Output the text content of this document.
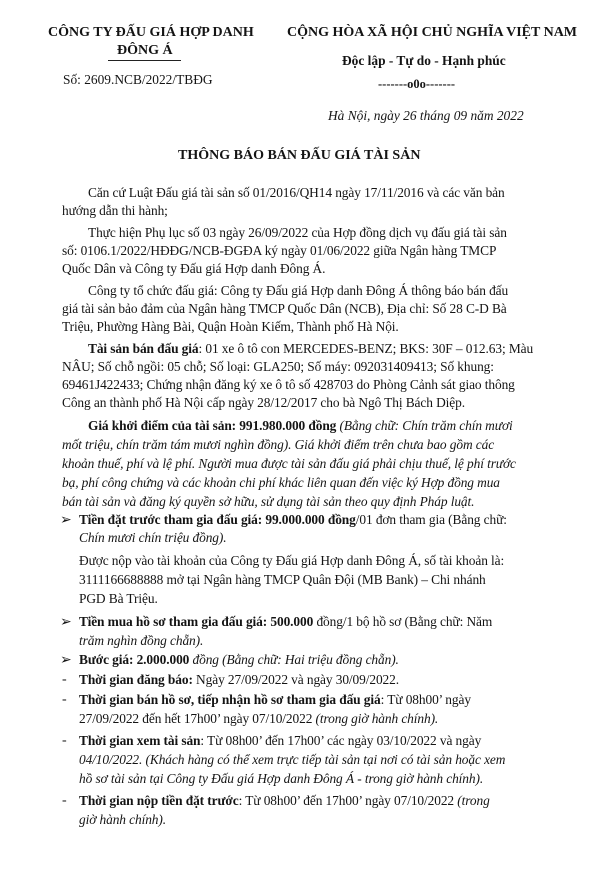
CÔNG TY ĐẤU GIÁ HỢP DANH
ĐÔNG Á
Số: 2609.NCB/2022/TBĐG
CỘNG HÒA XÃ HỘI CHỦ NGHĨA VIỆT NAM
Độc lập - Tự do - Hạnh phúc
-------o0o-------
Hà Nội, ngày 26 tháng 09 năm 2022
THÔNG BÁO BÁN ĐẤU GIÁ TÀI SẢN
Căn cứ Luật Đấu giá tài sản số 01/2016/QH14 ngày 17/11/2016 và các văn bản
hướng dẫn thi hành;
Thực hiện Phụ lục số 03 ngày 26/09/2022 của Hợp đồng dịch vụ đấu giá tài sản
số: 0106.1/2022/HĐĐG/NCB-ĐGĐA ký ngày 01/06/2022 giữa Ngân hàng TMCP
Quốc Dân và Công ty Đấu giá Hợp danh Đông Á.
Công ty tổ chức đấu giá: Công ty Đấu giá Hợp danh Đông Á thông báo bán đấu
giá tài sản bảo đảm của Ngân hàng TMCP Quốc Dân (NCB), Địa chỉ: Số 28 C-D Bà
Triệu, Phường Hàng Bài, Quận Hoàn Kiếm, Thành phố Hà Nội.
Tài sản bán đấu giá: 01 xe ô tô con MERCEDES-BENZ; BKS: 30F – 012.63; Màu
NÂU; Số chỗ ngồi: 05 chỗ; Số loại: GLA250; Số máy: 092031409413; Số khung:
69461J422433; Chứng nhận đăng ký xe ô tô số 428703 do Phòng Cảnh sát giao thông
Công an thành phố Hà Nội cấp ngày 28/12/2017 cho bà Ngô Thị Bách Diệp.
Giá khởi điểm của tài sản: 991.980.000 đồng (Bằng chữ: Chín trăm chín mươi
mốt triệu, chín trăm tám mươi nghìn đồng). Giá khởi điểm trên chưa bao gồm các
khoản thuế, phí và lệ phí. Người mua được tài sản đấu giá phải chịu thuế, lệ phí trước
bạ, phí công chứng và các khoản chi phí khác liên quan đến việc ký Hợp đồng mua
bán tài sản và đăng ký quyền sở hữu, sử dụng tài sản theo quy định Pháp luật.
➢ Tiền đặt trước tham gia đấu giá: 99.000.000 đồng/01 đơn tham gia (Bằng chữ:
Chín mươi chín triệu đồng).
Được nộp vào tài khoản của Công ty Đấu giá Hợp danh Đông Á, số tài khoản là:
3111166688888 mở tại Ngân hàng TMCP Quân Đội (MB Bank) – Chi nhánh
PGD Bà Triệu.
➢ Tiền mua hồ sơ tham gia đấu giá: 500.000 đồng/1 bộ hồ sơ (Bằng chữ: Năm
trăm nghìn đồng chẵn).
➢ Bước giá: 2.000.000 đồng (Bằng chữ: Hai triệu đồng chẵn).
- Thời gian đăng báo: Ngày 27/09/2022 và ngày 30/09/2022.
- Thời gian bán hồ sơ, tiếp nhận hồ sơ tham gia đấu giá: Từ 08h00’ ngày
27/09/2022 đến hết 17h00’ ngày 07/10/2022 (trong giờ hành chính).
- Thời gian xem tài sản: Từ 08h00’ đến 17h00’ các ngày 03/10/2022 và ngày
04/10/2022. (Khách hàng có thể xem trực tiếp tài sản tại nơi có tài sản hoặc xem
hồ sơ tài sản tại Công ty Đấu giá Hợp danh Đông Á - trong giờ hành chính).
- Thời gian nộp tiền đặt trước: Từ 08h00’ đến 17h00’ ngày 07/10/2022 (trong
giờ hành chính).
